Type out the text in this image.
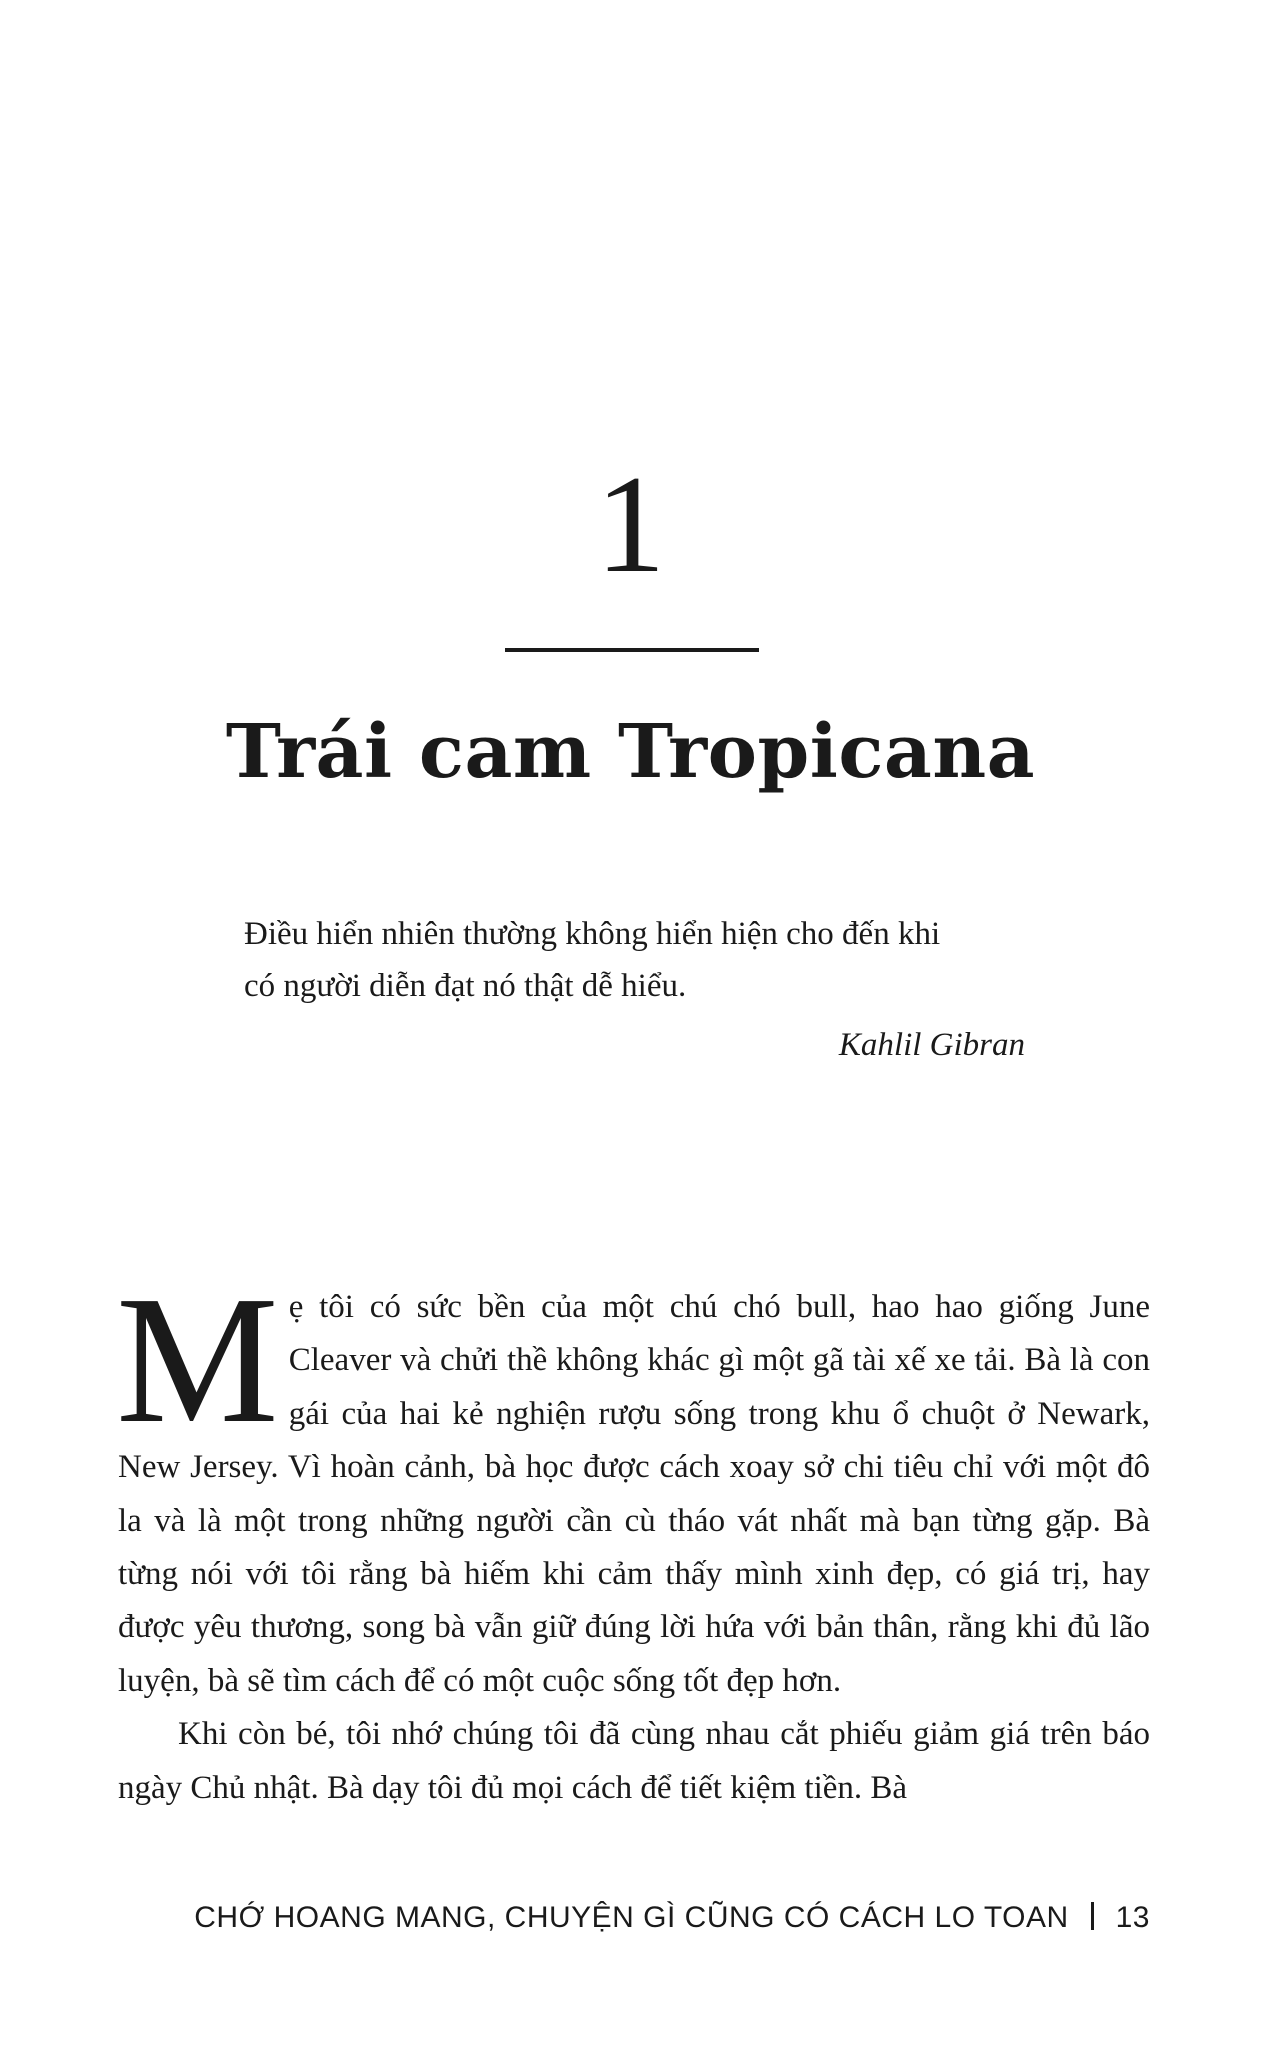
1
Trái cam Tropicana

Điều hiển nhiên thường không hiển hiện cho đến khi

có người diễn đạt nó thật dễ hiểu.

Kahlil Gibran

Mẹ tôi có sức bền của một chú chó bull, hao hao giống June Cleaver và chửi thề không khác gì một gã tài xế xe tải. Bà là con gái của hai kẻ nghiện rượu sống trong khu ổ chuột ở Newark, New Jersey. Vì hoàn cảnh, bà học được cách xoay sở chi tiêu chỉ với một đô la và là một trong những người cần cù tháo vát nhất mà bạn từng gặp. Bà từng nói với tôi rằng bà hiếm khi cảm thấy mình xinh đẹp, có giá trị, hay được yêu thương, song bà vẫn giữ đúng lời hứa với bản thân, rằng khi đủ lão luyện, bà sẽ tìm cách để có một cuộc sống tốt đẹp hơn.

Khi còn bé, tôi nhớ chúng tôi đã cùng nhau cắt phiếu giảm giá trên báo ngày Chủ nhật. Bà dạy tôi đủ mọi cách để tiết kiệm tiền. Bà

CHỚ HOANG MANG, CHUYỆN GÌ CŨNG CÓ CÁCH LO TOAN 13
